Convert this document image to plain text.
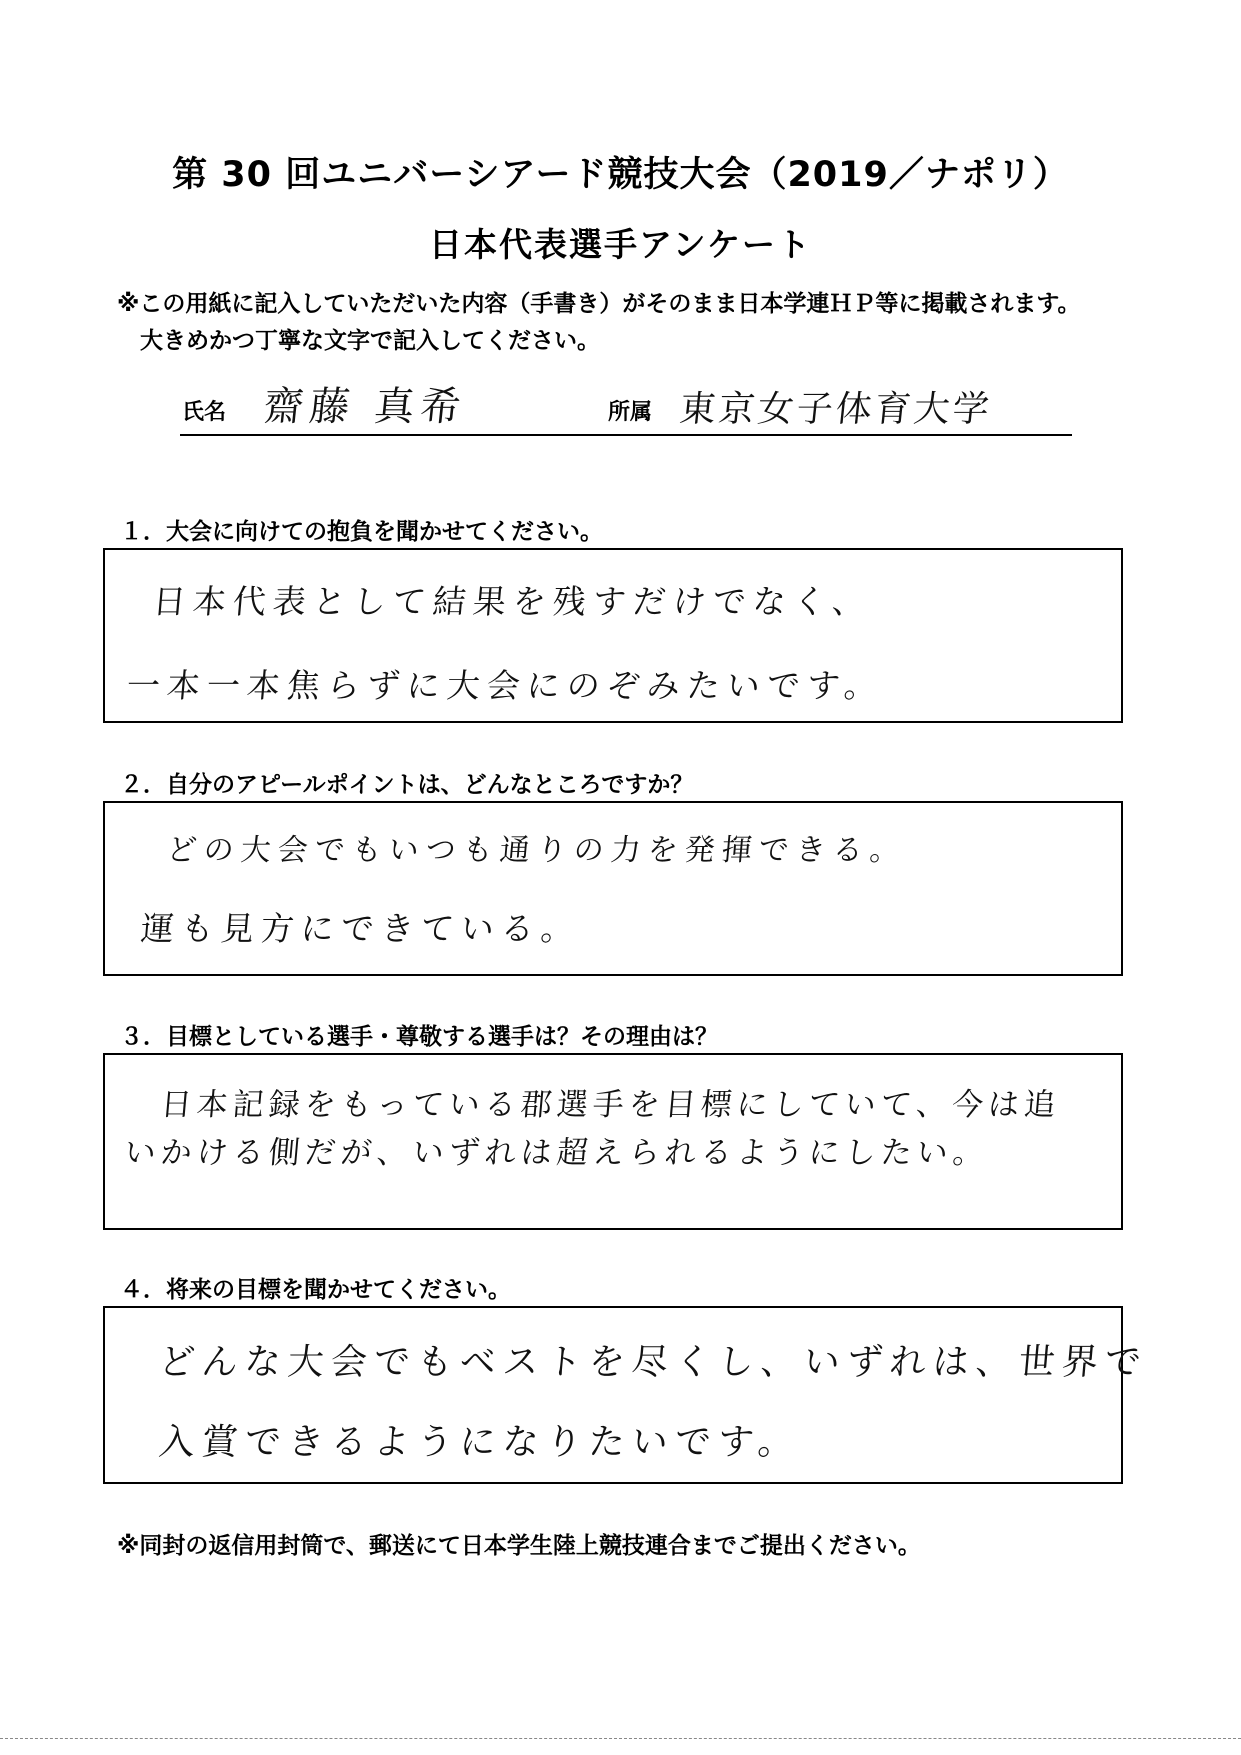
第 30 回ユニバーシアード競技大会（2019／ナポリ）
日本代表選手アンケート
※この用紙に記入していただいた内容（手書き）がそのまま日本学連ＨＰ等に掲載されます。
大きめかつ丁寧な文字で記入してください。
氏名 齋藤 真希	所属 東京女子体育大学
１．大会に向けての抱負を聞かせてください。
日本代表として結果を残すだけでなく、
一本一本焦らずに大会にのぞみたいです。
２．自分のアピールポイントは、どんなところですか？
どの大会でもいつも通りの力を発揮できる。
運も見方にできている。
３．目標としている選手・尊敬する選手は？その理由は？
日本記録をもっている郡選手を目標にしていて、今は追
いかける側だが、いずれは超えられるようにしたい。
４．将来の目標を聞かせてください。
どんな大会でもベストを尽くし、いずれは、世界で
入賞できるようになりたいです。
※同封の返信用封筒で、郵送にて日本学生陸上競技連合までご提出ください。
